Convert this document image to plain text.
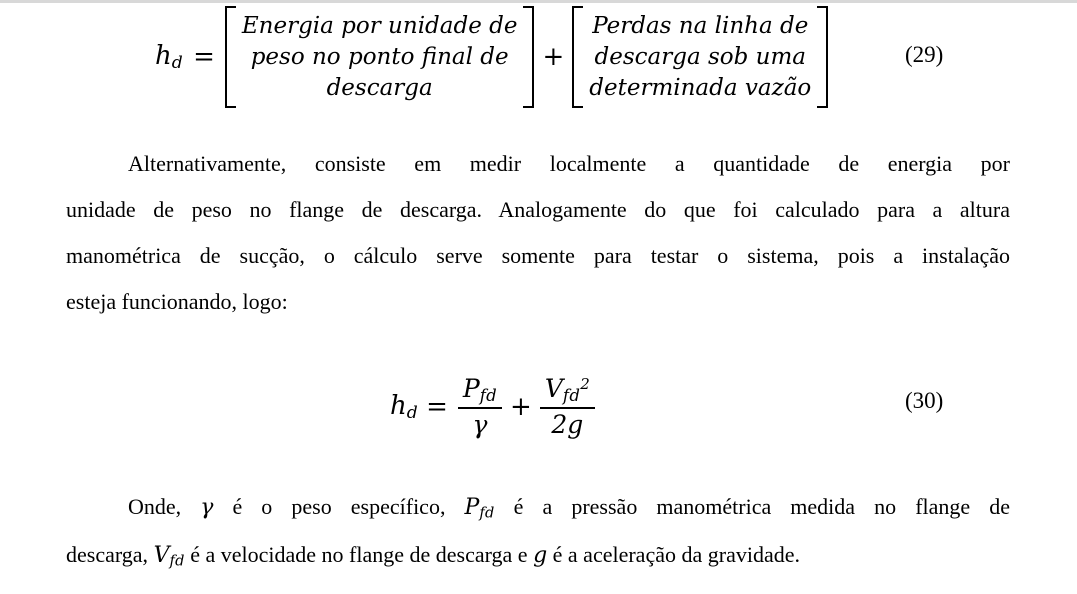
hd =
Energia por unidade de
peso no ponto final de
descarga
+
Perdas na linha de
descarga sob uma
determinada vazão
(29)
Alternativamente, consiste em medir localmente a quantidade de energia por
unidade de peso no flange de descarga. Analogamente do que foi calculado para a altura
manométrica de sucção, o cálculo serve somente para testar o sistema, pois a instalação
esteja funcionando, logo:
hd = $\frac{\text{Pfd}}{\gamma} + \frac{Vfd^2}{2g}$	(30)
Onde, γ é o peso específico, Pfd é a pressão manométrica medida no flange de
descarga, Vfd é a velocidade no flange de descarga e g é a aceleração da gravidade.
